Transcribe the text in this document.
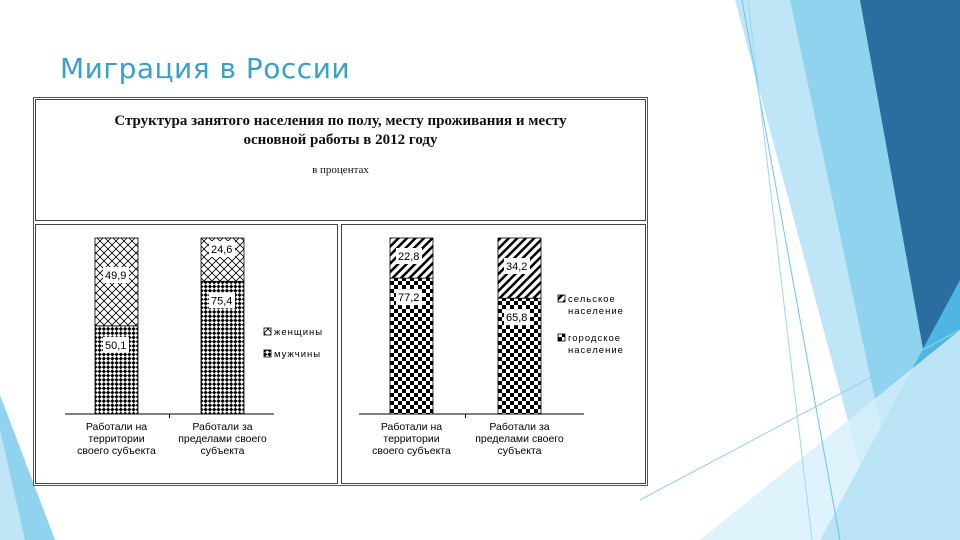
Миграция в России
Структура занятого населения по полу, месту проживания и месту основной работы в 2012 году
в процентах
50,1
49,9
Работали на территории своего субъекта
75,4
24,6
Работали за пределами своего субъекта
женщины
мужчины
77,2
22,8
Работали на территории своего субъекта
65,8
34,2
Работали за пределами своего субъекта
сельское население
городское население
